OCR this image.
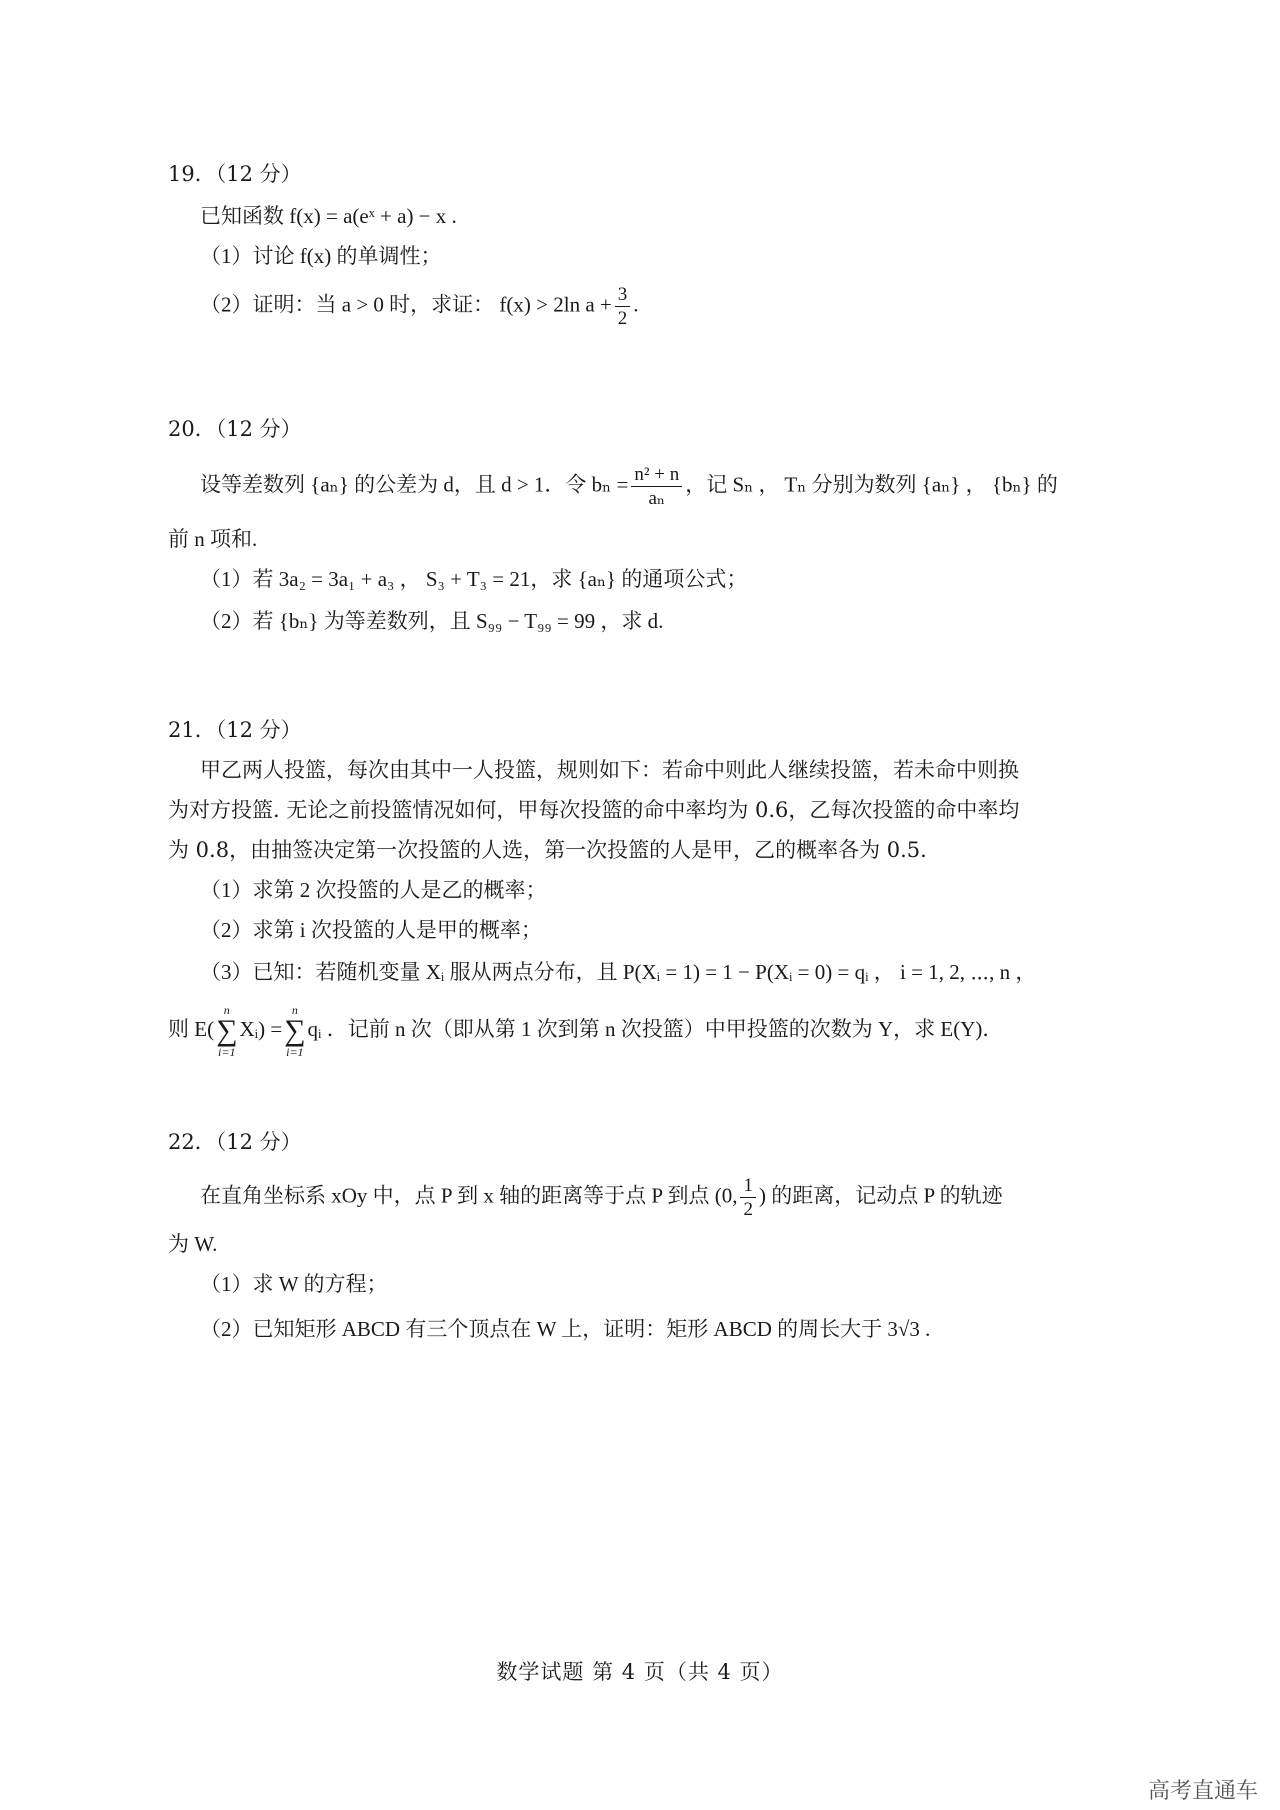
19．（12 分）
已知函数 f(x) = a(eˣ + a) − x .
（1）讨论 f(x) 的单调性；
（2）证明：当 a > 0 时，求证： f(x) > 2ln $a + \frac{3}{2}$ .
20．（12 分）
设等差数列 {aₙ} 的公差为 d，且 d > 1．令 $b_n = \frac{\text{n² + n}}{\text{aₙ}}$ ，记 Sₙ ， Tₙ 分别为数列 {aₙ} ， {bₙ} 的
前 n 项和.
（1）若 3a₂ = 3a₁ + a₃ ， S₃ + T₃ = 21，求 {aₙ} 的通项公式；
（2）若 {bₙ} 为等差数列，且 S₉₉ − T₉₉ = 99 ，求 d.
21．（12 分）
甲乙两人投篮，每次由其中一人投篮，规则如下：若命中则此人继续投篮，若未命中则换
为对方投篮. 无论之前投篮情况如何，甲每次投篮的命中率均为 0.6，乙每次投篮的命中率均
为 0.8，由抽签决定第一次投篮的人选，第一次投篮的人是甲，乙的概率各为 0.5.
（1）求第 2 次投篮的人是乙的概率；
（2）求第 i 次投篮的人是甲的概率；
（3）已知：若随机变量 Xᵢ 服从两点分布，且 P(Xᵢ = 1) = 1 − P(Xᵢ = 0) = qᵢ ， i = 1, 2, ⋯, n ，
则 E(
n
∑
i=1
Xᵢ) =
n
∑
i=1
qᵢ ．记前 n 次（即从第 1 次到第 n 次投篮）中甲投篮的次数为 Y，求 E(Y)．
22．（12 分）
在直角坐标系 xOy 中，点 P 到 x 轴的距离等于点 P 到点 (0, $\frac{1}{2}$ ) 的距离，记动点 P 的轨迹
为 W.
（1）求 W 的方程；
（2）已知矩形 ABCD 有三个顶点在 W 上，证明：矩形 ABCD 的周长大于 3√3 .
数学试题 第 4 页（共 4 页）
高考直通车
